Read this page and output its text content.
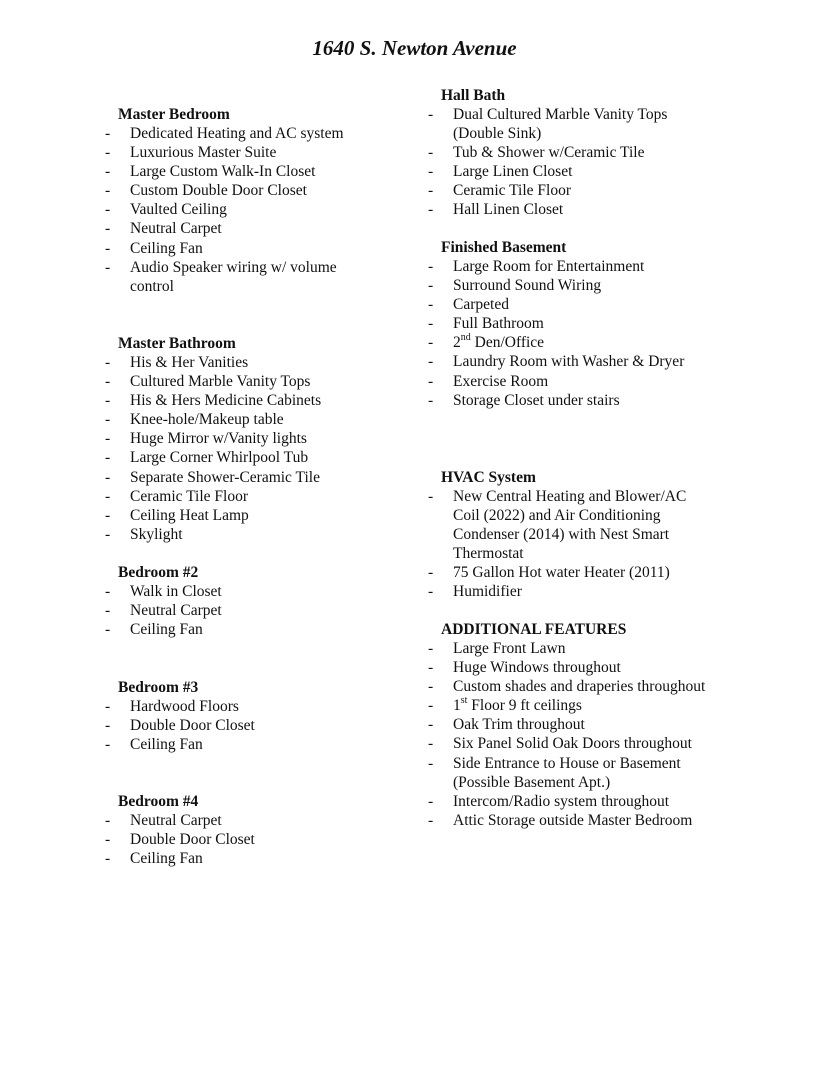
1640 S. Newton Avenue
Master Bedroom
- Dedicated Heating and AC system
- Luxurious Master Suite
- Large Custom Walk-In Closet
- Custom Double Door Closet
- Vaulted Ceiling
- Neutral Carpet
- Ceiling Fan
- Audio Speaker wiring w/ volume control
Master Bathroom
- His & Her Vanities
- Cultured Marble Vanity Tops
- His & Hers Medicine Cabinets
- Knee-hole/Makeup table
- Huge Mirror w/Vanity lights
- Large Corner Whirlpool Tub
- Separate Shower-Ceramic Tile
- Ceramic Tile Floor
- Ceiling Heat Lamp
- Skylight
Bedroom #2
- Walk in Closet
- Neutral Carpet
- Ceiling Fan
Bedroom #3
- Hardwood Floors
- Double Door Closet
- Ceiling Fan
Bedroom #4
- Neutral Carpet
- Double Door Closet
- Ceiling Fan
Hall Bath
- Dual Cultured Marble Vanity Tops (Double Sink)
- Tub & Shower w/Ceramic Tile
- Large Linen Closet
- Ceramic Tile Floor
- Hall Linen Closet
Finished Basement
- Large Room for Entertainment
- Surround Sound Wiring
- Carpeted
- Full Bathroom
- 2nd Den/Office
- Laundry Room with Washer & Dryer
- Exercise Room
- Storage Closet under stairs
HVAC System
- New Central Heating and Blower/AC Coil (2022) and Air Conditioning Condenser (2014) with Nest Smart Thermostat
- 75 Gallon Hot water Heater (2011)
- Humidifier
ADDITIONAL FEATURES
- Large Front Lawn
- Huge Windows throughout
- Custom shades and draperies throughout
- 1st Floor 9 ft ceilings
- Oak Trim throughout
- Six Panel Solid Oak Doors throughout
- Side Entrance to House or Basement (Possible Basement Apt.)
- Intercom/Radio system throughout
- Attic Storage outside Master Bedroom
